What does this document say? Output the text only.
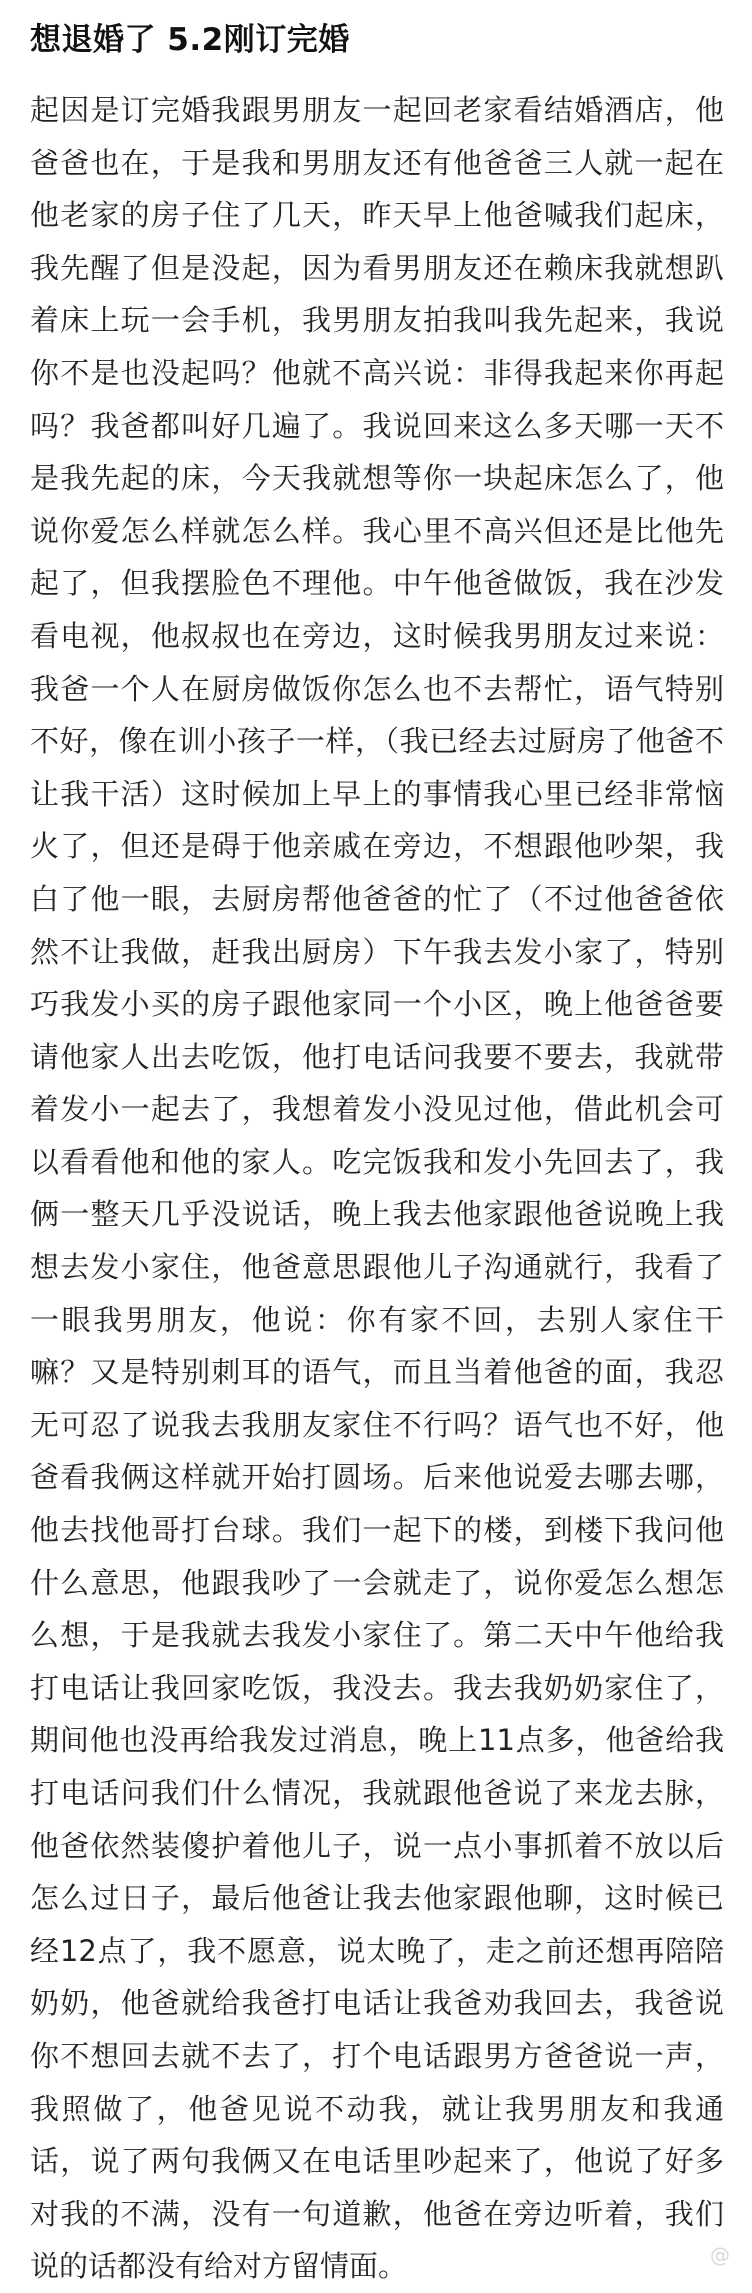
想退婚了 5.2刚订完婚

起因是订完婚我跟男朋友一起回老家看结婚酒店，他爸爸也在，于是我和男朋友还有他爸爸三人就一起在他老家的房子住了几天，昨天早上他爸喊我们起床，我先醒了但是没起，因为看男朋友还在赖床我就想趴着床上玩一会手机，我男朋友拍我叫我先起来，我说你不是也没起吗？他就不高兴说：非得我起来你再起吗？我爸都叫好几遍了。我说回来这么多天哪一天不是我先起的床，今天我就想等你一块起床怎么了，他说你爱怎么样就怎么样。我心里不高兴但还是比他先起了，但我摆脸色不理他。中午他爸做饭，我在沙发看电视，他叔叔也在旁边，这时候我男朋友过来说：我爸一个人在厨房做饭你怎么也不去帮忙，语气特别不好，像在训小孩子一样，（我已经去过厨房了他爸不让我干活）这时候加上早上的事情我心里已经非常恼火了，但还是碍于他亲戚在旁边，不想跟他吵架，我白了他一眼，去厨房帮他爸爸的忙了（不过他爸爸依然不让我做，赶我出厨房）下午我去发小家了，特别巧我发小买的房子跟他家同一个小区，晚上他爸爸要请他家人出去吃饭，他打电话问我要不要去，我就带着发小一起去了，我想着发小没见过他，借此机会可以看看他和他的家人。吃完饭我和发小先回去了，我俩一整天几乎没说话，晚上我去他家跟他爸说晚上我想去发小家住，他爸意思跟他儿子沟通就行，我看了一眼我男朋友，他说：你有家不回，去别人家住干嘛？又是特别刺耳的语气，而且当着他爸的面，我忍无可忍了说我去我朋友家住不行吗？语气也不好，他爸看我俩这样就开始打圆场。后来他说爱去哪去哪，他去找他哥打台球。我们一起下的楼，到楼下我问他什么意思，他跟我吵了一会就走了，说你爱怎么想怎么想，于是我就去我发小家住了。第二天中午他给我打电话让我回家吃饭，我没去。我去我奶奶家住了，期间他也没再给我发过消息，晚上11点多，他爸给我打电话问我们什么情况，我就跟他爸说了来龙去脉，他爸依然装傻护着他儿子，说一点小事抓着不放以后怎么过日子，最后他爸让我去他家跟他聊，这时候已经12点了，我不愿意，说太晚了，走之前还想再陪陪奶奶，他爸就给我爸打电话让我爸劝我回去，我爸说你不想回去就不去了，打个电话跟男方爸爸说一声，我照做了，他爸见说不动我，就让我男朋友和我通话，说了两句我俩又在电话里吵起来了，他说了好多对我的不满，没有一句道歉，他爸在旁边听着，我们说的话都没有给对方留情面。	@
